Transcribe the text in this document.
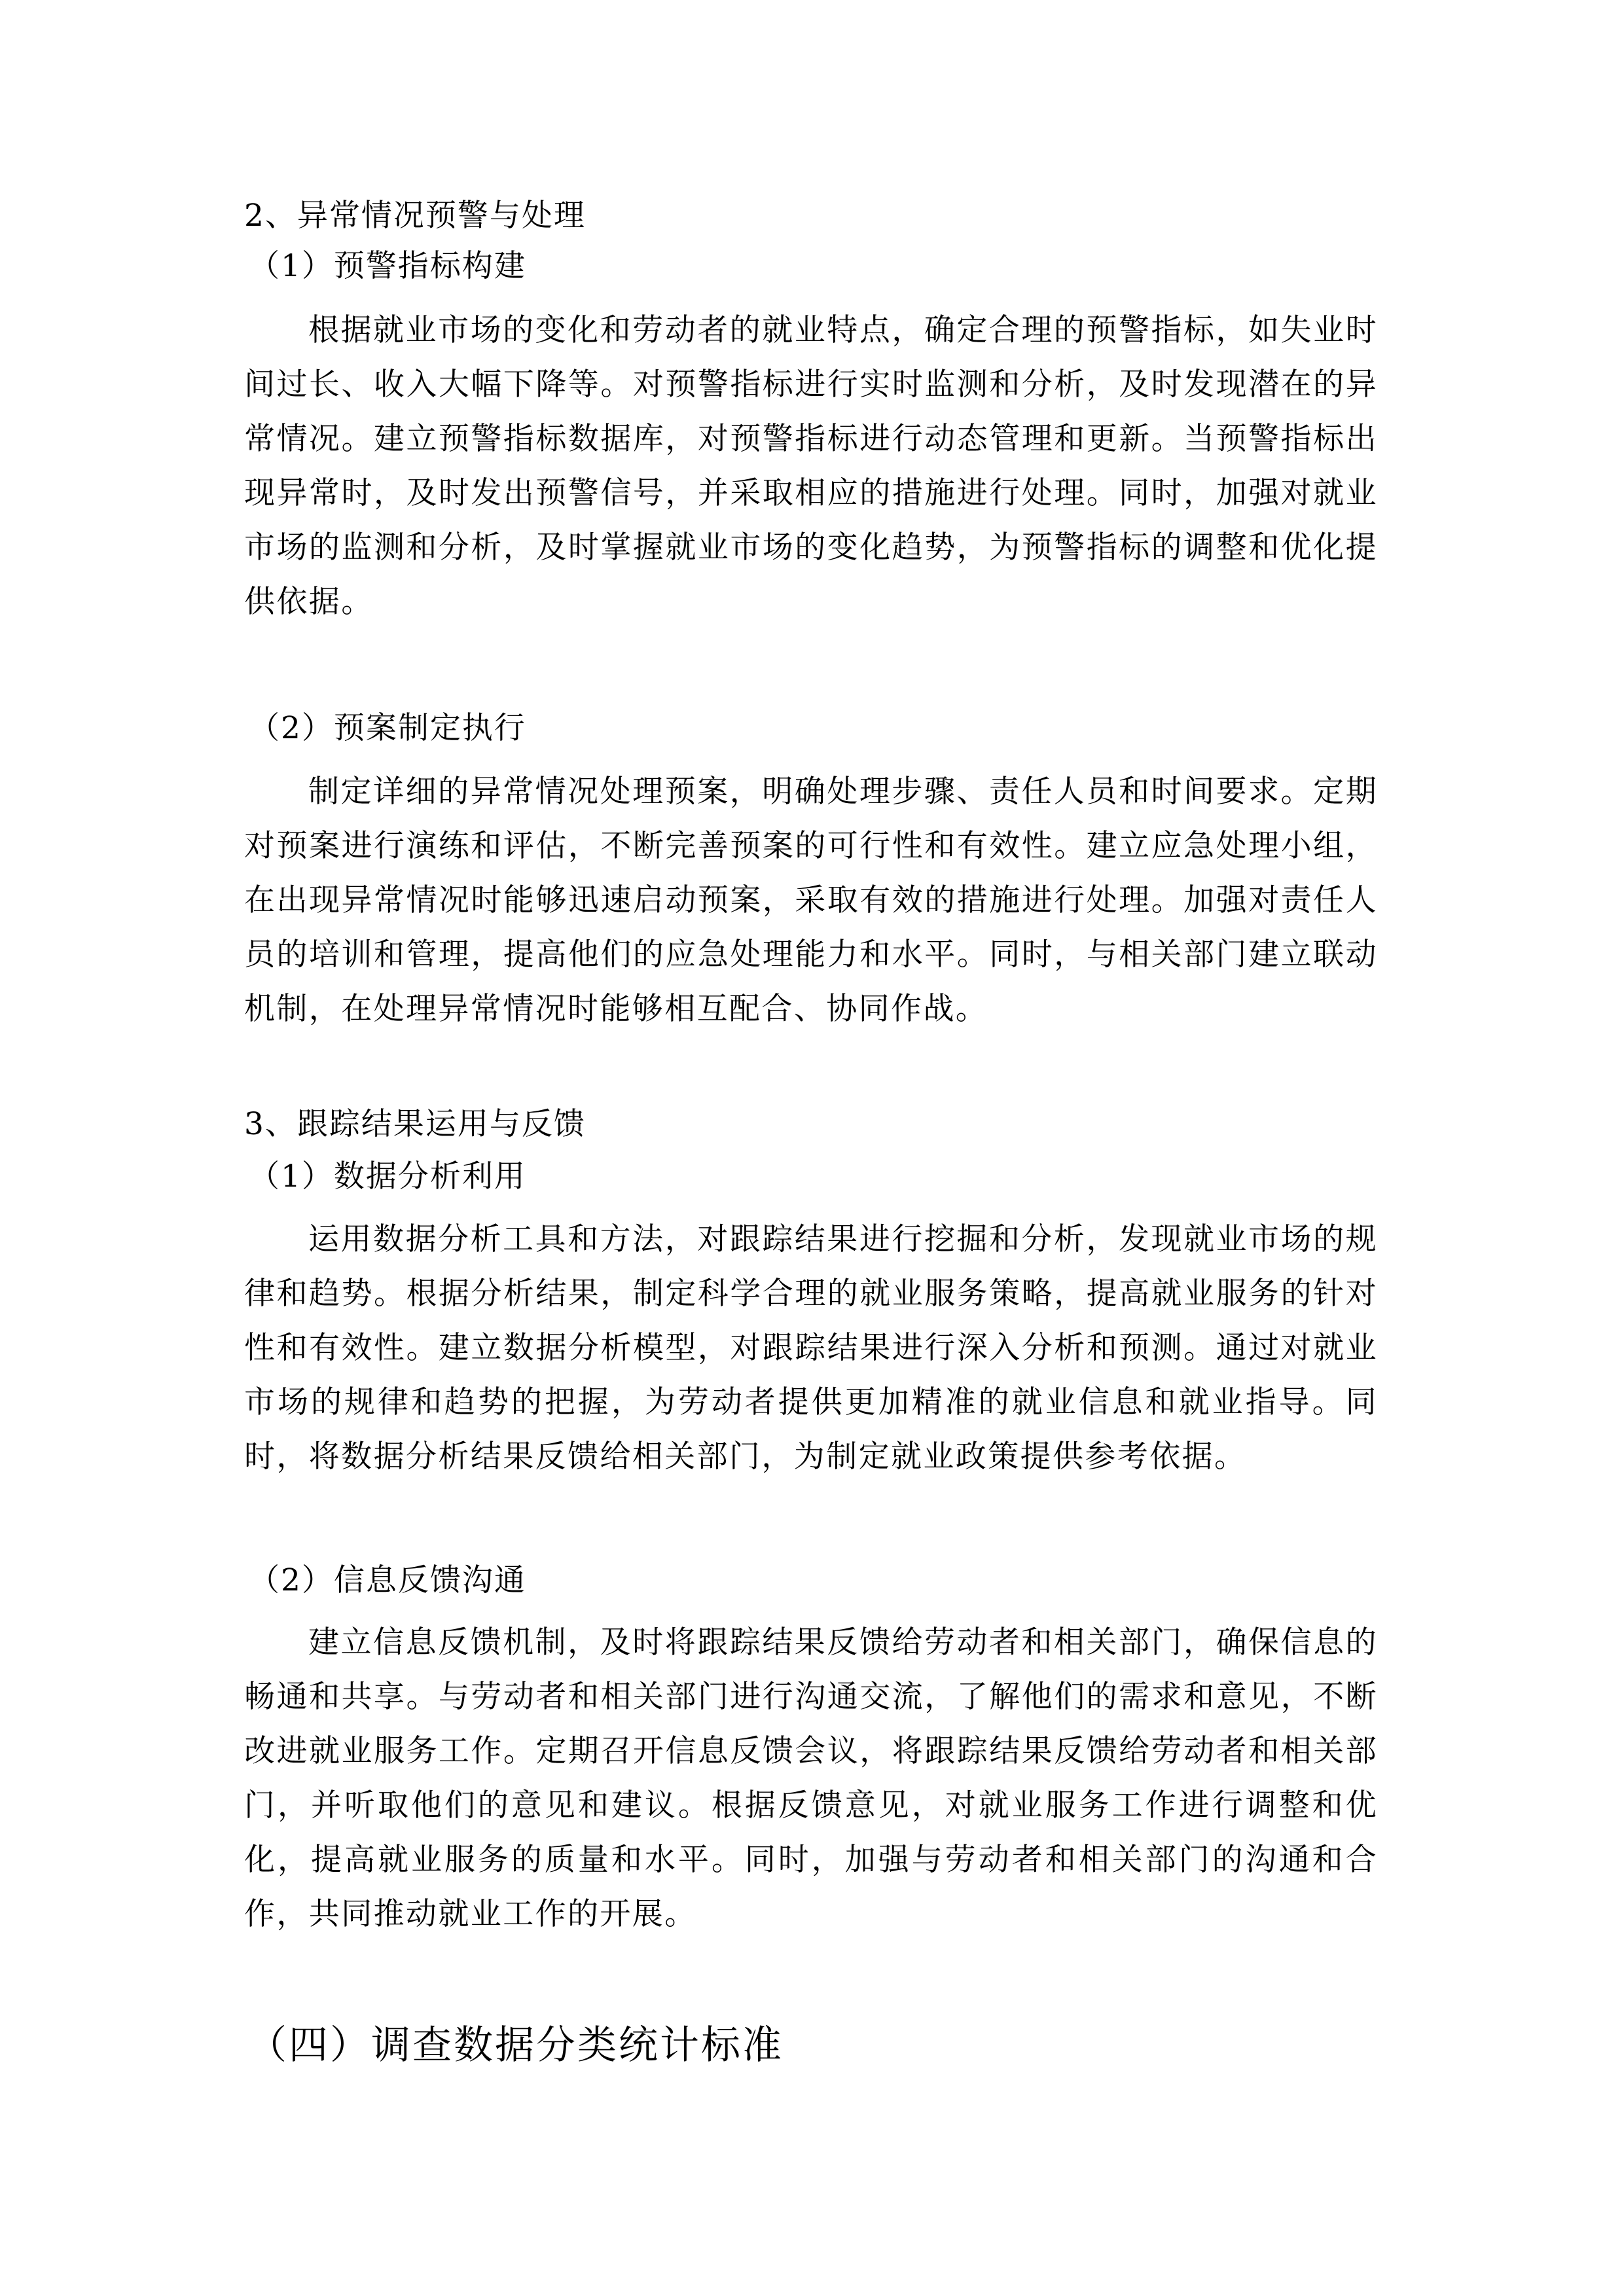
2、异常情况预警与处理
（1）预警指标构建
根据就业市场的变化和劳动者的就业特点，确定合理的预警指标，如失业时间过长、收入大幅下降等。对预警指标进行实时监测和分析，及时发现潜在的异常情况。建立预警指标数据库，对预警指标进行动态管理和更新。当预警指标出现异常时，及时发出预警信号，并采取相应的措施进行处理。同时，加强对就业市场的监测和分析，及时掌握就业市场的变化趋势，为预警指标的调整和优化提供依据。
（2）预案制定执行
制定详细的异常情况处理预案，明确处理步骤、责任人员和时间要求。定期对预案进行演练和评估，不断完善预案的可行性和有效性。建立应急处理小组，在出现异常情况时能够迅速启动预案，采取有效的措施进行处理。加强对责任人员的培训和管理，提高他们的应急处理能力和水平。同时，与相关部门建立联动机制，在处理异常情况时能够相互配合、协同作战。
3、跟踪结果运用与反馈
（1）数据分析利用
运用数据分析工具和方法，对跟踪结果进行挖掘和分析，发现就业市场的规律和趋势。根据分析结果，制定科学合理的就业服务策略，提高就业服务的针对性和有效性。建立数据分析模型，对跟踪结果进行深入分析和预测。通过对就业市场的规律和趋势的把握，为劳动者提供更加精准的就业信息和就业指导。同时，将数据分析结果反馈给相关部门，为制定就业政策提供参考依据。
（2）信息反馈沟通
建立信息反馈机制，及时将跟踪结果反馈给劳动者和相关部门，确保信息的畅通和共享。与劳动者和相关部门进行沟通交流，了解他们的需求和意见，不断改进就业服务工作。定期召开信息反馈会议，将跟踪结果反馈给劳动者和相关部门，并听取他们的意见和建议。根据反馈意见，对就业服务工作进行调整和优化，提高就业服务的质量和水平。同时，加强与劳动者和相关部门的沟通和合作，共同推动就业工作的开展。
（四）调查数据分类统计标准
